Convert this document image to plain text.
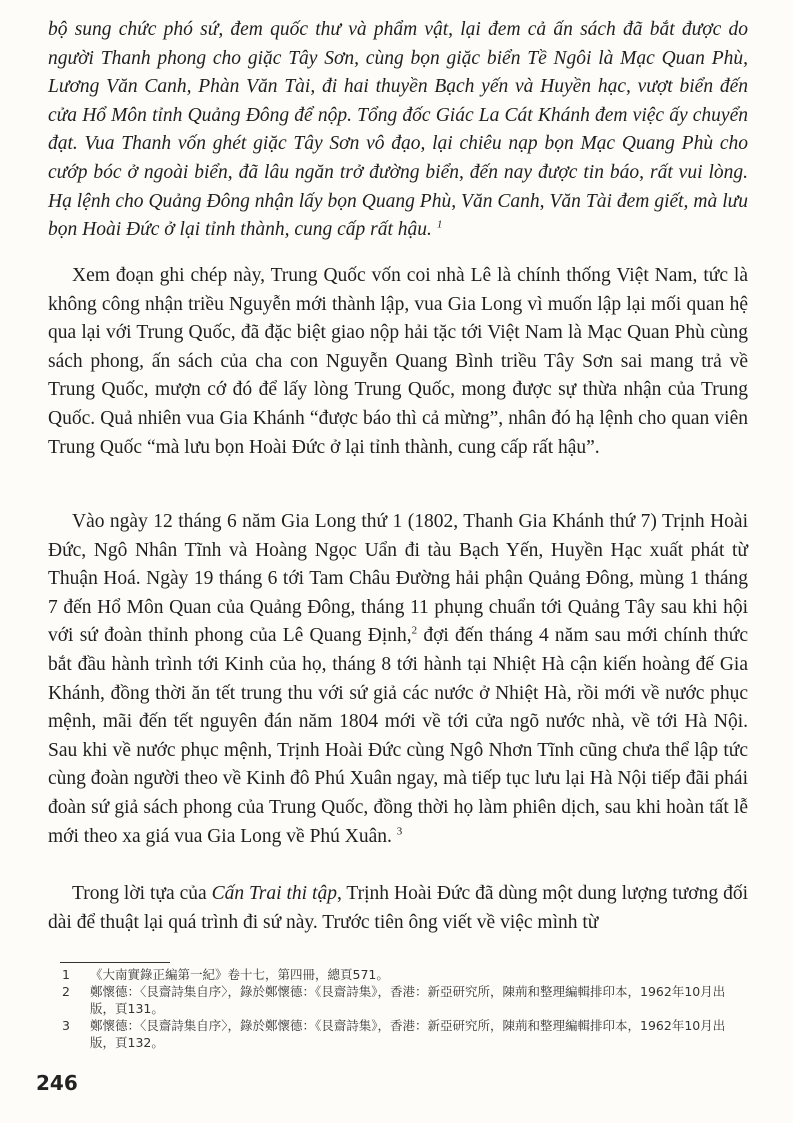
bộ sung chức phó sứ, đem quốc thư và phẩm vật, lại đem cả ấn sách đã bắt được do người Thanh phong cho giặc Tây Sơn, cùng bọn giặc biển Tề Ngôi là Mạc Quan Phù, Lương Văn Canh, Phàn Văn Tài, đi hai thuyền Bạch yến và Huyền hạc, vượt biển đến cửa Hổ Môn tỉnh Quảng Đông để nộp. Tổng đốc Giác La Cát Khánh đem việc ấy chuyển đạt. Vua Thanh vốn ghét giặc Tây Sơn vô đạo, lại chiêu nạp bọn Mạc Quang Phù cho cướp bóc ở ngoài biển, đã lâu ngăn trở đường biển, đến nay được tin báo, rất vui lòng. Hạ lệnh cho Quảng Đông nhận lấy bọn Quang Phù, Văn Canh, Văn Tài đem giết, mà lưu bọn Hoài Đức ở lại tỉnh thành, cung cấp rất hậu. $^1$

Xem đoạn ghi chép này, Trung Quốc vốn coi nhà Lê là chính thống Việt Nam, tức là không công nhận triều Nguyễn mới thành lập, vua Gia Long vì muốn lập lại mối quan hệ qua lại với Trung Quốc, đã đặc biệt giao nộp hải tặc tới Việt Nam là Mạc Quan Phù cùng sách phong, ấn sách của cha con Nguyễn Quang Bình triều Tây Sơn sai mang trả về Trung Quốc, mượn cớ đó để lấy lòng Trung Quốc, mong được sự thừa nhận của Trung Quốc. Quả nhiên vua Gia Khánh “được báo thì cả mừng”, nhân đó hạ lệnh cho quan viên Trung Quốc “mà lưu bọn Hoài Đức ở lại tỉnh thành, cung cấp rất hậu”.

Vào ngày 12 tháng 6 năm Gia Long thứ 1 (1802, Thanh Gia Khánh thứ 7) Trịnh Hoài Đức, Ngô Nhân Tĩnh và Hoàng Ngọc Uẩn đi tàu Bạch Yến, Huyền Hạc xuất phát từ Thuận Hoá. Ngày 19 tháng 6 tới Tam Châu Đường hải phận Quảng Đông, mùng 1 tháng 7 đến Hổ Môn Quan của Quảng Đông, tháng 11 phụng chuẩn tới Quảng Tây sau khi hội với sứ đoàn thỉnh phong của Lê Quang Định,$^2$ đợi đến tháng 4 năm sau mới chính thức bắt đầu hành trình tới Kinh của họ, tháng 8 tới hành tại Nhiệt Hà cận kiến hoàng đế Gia Khánh, đồng thời ăn tết trung thu với sứ giả các nước ở Nhiệt Hà, rồi mới về nước phục mệnh, mãi đến tết nguyên đán năm 1804 mới về tới cửa ngõ nước nhà, về tới Hà Nội. Sau khi về nước phục mệnh, Trịnh Hoài Đức cùng Ngô Nhơn Tĩnh cũng chưa thể lập tức cùng đoàn người theo về Kinh đô Phú Xuân ngay, mà tiếp tục lưu lại Hà Nội tiếp đãi phái đoàn sứ giả sách phong của Trung Quốc, đồng thời họ làm phiên dịch, sau khi hoàn tất lễ mới theo xa giá vua Gia Long về Phú Xuân. $^3$

Trong lời tựa của Cấn Trai thi tập, Trịnh Hoài Đức đã dùng một dung lượng tương đối dài để thuật lại quá trình đi sứ này. Trước tiên ông viết về việc mình từ

1	《大南實錄正編第一紀》卷十七，第四冊，總頁571。
2	鄭懷德：〈艮齋詩集自序〉，錄於鄭懷德：《艮齋詩集》，香港：新亞研究所，陳荊和整理編輯排印本，1962年10月出版，頁131。
3	鄭懷德：〈艮齋詩集自序〉，錄於鄭懷德：《艮齋詩集》，香港：新亞研究所，陳荊和整理編輯排印本，1962年10月出版，頁132。
246
